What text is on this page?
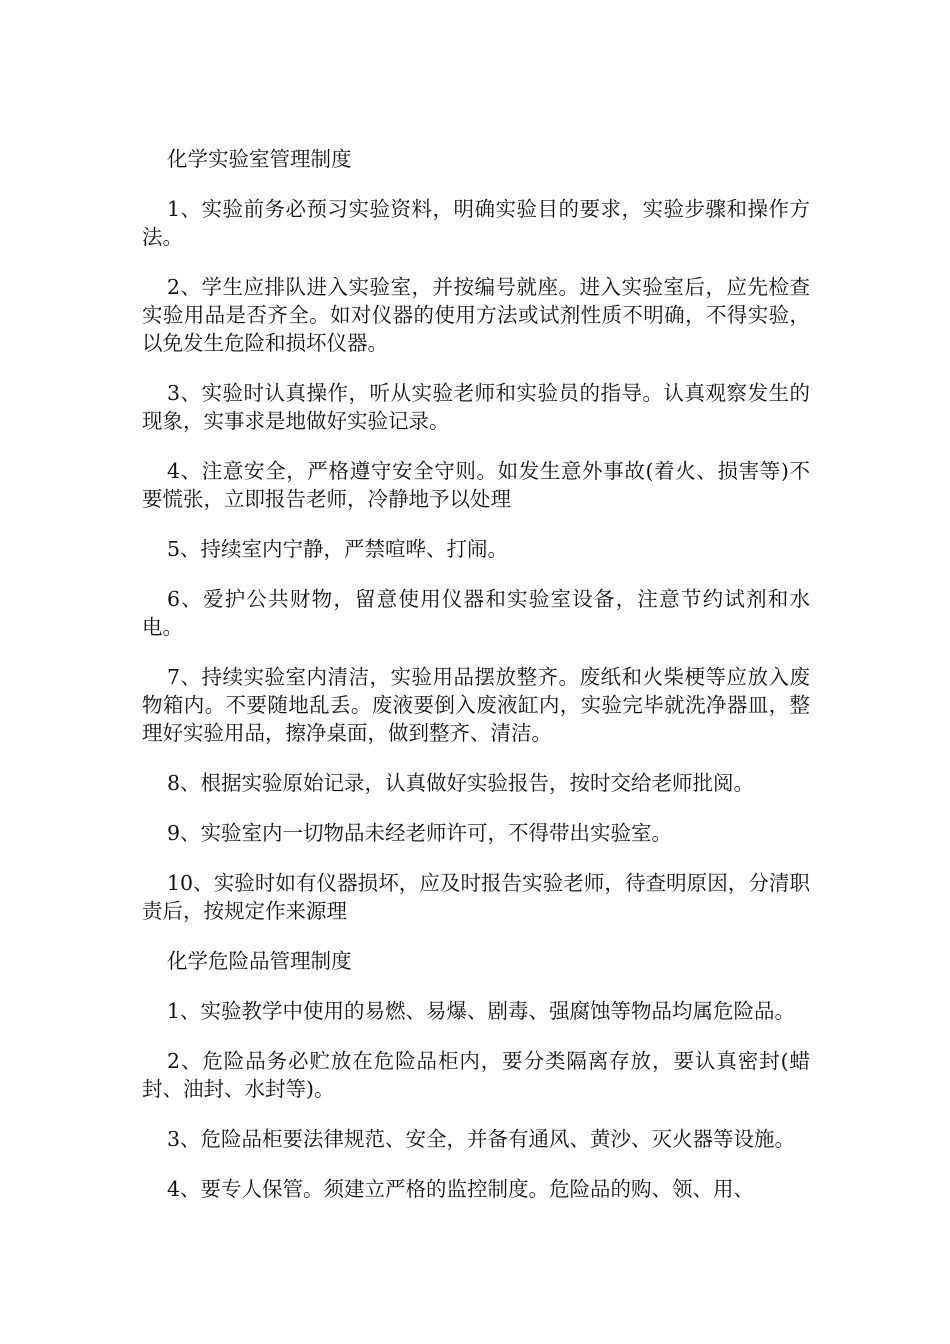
化学实验室管理制度

1、实验前务必预习实验资料，明确实验目的要求，实验步骤和操作方法。

2、学生应排队进入实验室，并按编号就座。进入实验室后，应先检查实验用品是否齐全。如对仪器的使用方法或试剂性质不明确，不得实验，以免发生危险和损坏仪器。

3、实验时认真操作，听从实验老师和实验员的指导。认真观察发生的现象，实事求是地做好实验记录。

4、注意安全，严格遵守安全守则。如发生意外事故(着火、损害等)不要慌张，立即报告老师，冷静地予以处理

5、持续室内宁静，严禁喧哗、打闹。

6、爱护公共财物，留意使用仪器和实验室设备，注意节约试剂和水电。

7、持续实验室内清洁，实验用品摆放整齐。废纸和火柴梗等应放入废物箱内。不要随地乱丢。废液要倒入废液缸内，实验完毕就洗净器皿，整理好实验用品，擦净桌面，做到整齐、清洁。

8、根据实验原始记录，认真做好实验报告，按时交给老师批阅。

9、实验室内一切物品未经老师许可，不得带出实验室。

10、实验时如有仪器损坏，应及时报告实验老师，待查明原因，分清职责后，按规定作来源理

化学危险品管理制度

1、实验教学中使用的易燃、易爆、剧毒、强腐蚀等物品均属危险品。

2、危险品务必贮放在危险品柜内，要分类隔离存放，要认真密封(蜡封、油封、水封等)。

3、危险品柜要法律规范、安全，并备有通风、黄沙、灭火器等设施。

4、要专人保管。须建立严格的监控制度。危险品的购、领、用、
